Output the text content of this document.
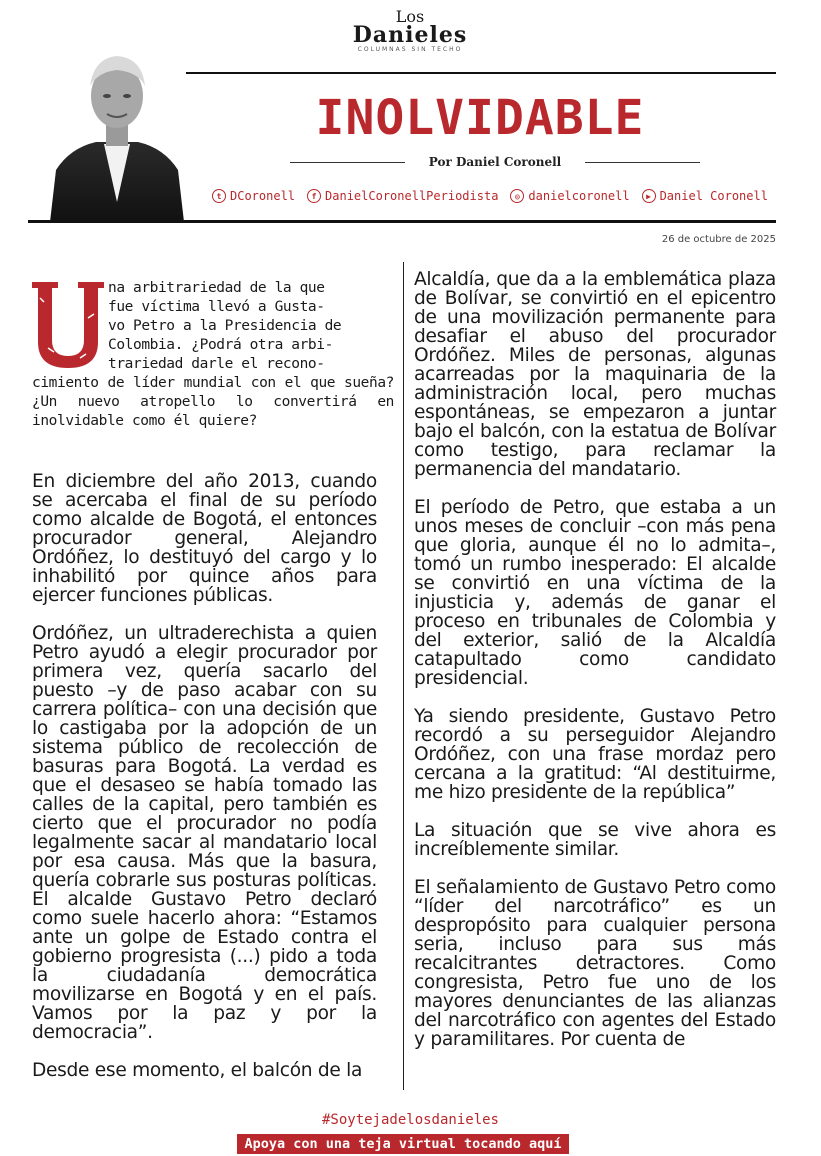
Los
Danieles
COLUMNAS SIN TECHO
INOLVIDABLE
Por Daniel Coronell
t DCoronell	f DanielCoronellPeriodista	◎ danielcoronell	▶ Daniel Coronell
26 de octubre de 2025
na arbitrariedad de la que
fue víctima llevó a Gusta-
vo Petro a la Presidencia de
Colombia. ¿Podrá otra arbi-
trariedad darle el recono-
cimiento de líder mundial con el que sueña? ¿Un nuevo atropello lo convertirá en inolvidable como él quiere?

En diciembre del año 2013, cuando se acercaba el final de su período como alcalde de Bogotá, el entonces procurador general, Alejandro Ordóñez, lo destituyó del cargo y lo inhabilitó por quince años para ejercer funciones públicas.

Ordóñez, un ultraderechista a quien Petro ayudó a elegir procurador por primera vez, quería sacarlo del puesto –y de paso acabar con su carrera política– con una decisión que lo castigaba por la adopción de un sistema público de recolección de basuras para Bogotá. La verdad es que el desaseo se había tomado las calles de la capital, pero también es cierto que el procurador no podía legalmente sacar al mandatario local por esa causa. Más que la basura, quería cobrarle sus posturas políticas. El alcalde Gustavo Petro declaró como suele hacerlo ahora: “Estamos ante un golpe de Estado contra el gobierno progresista (...) pido a toda la ciudadanía democrática movilizarse en Bogotá y en el país. Vamos por la paz y por la democracia”.

Desde ese momento, el balcón de la

Alcaldía, que da a la emblemática plaza de Bolívar, se convirtió en el epicentro de una movilización permanente para desafiar el abuso del procurador Ordóñez. Miles de personas, algunas acarreadas por la maquinaria de la administración local, pero muchas espontáneas, se empezaron a juntar bajo el balcón, con la estatua de Bolívar como testigo, para reclamar la permanencia del mandatario.

El período de Petro, que estaba a un unos meses de concluir –con más pena que gloria, aunque él no lo admita–, tomó un rumbo inesperado: El alcalde se convirtió en una víctima de la injusticia y, además de ganar el proceso en tribunales de Colombia y del exterior, salió de la Alcaldía catapultado como candidato presidencial.

Ya siendo presidente, Gustavo Petro recordó a su perseguidor Alejandro Ordóñez, con una frase mordaz pero cercana a la gratitud: “Al destituirme, me hizo presidente de la república”

La situación que se vive ahora es increíblemente similar.

El señalamiento de Gustavo Petro como “líder del narcotráfico” es un despropósito para cualquier persona seria, incluso para sus más recalcitrantes detractores. Como congresista, Petro fue uno de los mayores denunciantes de las alianzas del narcotráfico con agentes del Estado y paramilitares. Por cuenta de

#Soytejadelosdanieles
Apoya con una teja virtual tocando aquí
